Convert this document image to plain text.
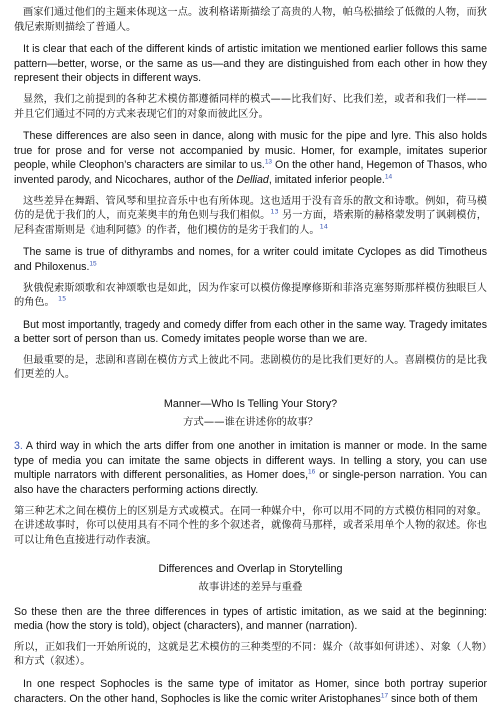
画家们通过他们的主题来体现这一点。波利格诺斯描绘了高贵的人物，帕乌松描绘了低微的人物，而狄俄尼索斯则描绘了普通人。

It is clear that each of the different kinds of artistic imitation we mentioned earlier follows this same pattern—better, worse, or the same as us—and they are distinguished from each other in how they represent their objects in different ways.

显然，我们之前提到的各种艺术模仿都遵循同样的模式——比我们好、比我们差，或者和我们一样——并且它们通过不同的方式来表现它们的对象而彼此区分。

These differences are also seen in dance, along with music for the pipe and lyre. This also holds true for prose and for verse not accompanied by music. Homer, for example, imitates superior people, while Cleophon’s characters are similar to us.$^{13}$ On the other hand, Hegemon of Thasos, who invented parody, and Nicochares, author of the Delliad, imitated inferior people.$^{14}$

这些差异在舞蹈、管风琴和里拉音乐中也有所体现。这也适用于没有音乐的散文和诗歌。例如，荷马模仿的是优于我们的人，而克莱奥丰的角色则与我们相似。$^{13}$ 另一方面，塔索斯的赫格蒙发明了讽刺模仿，尼科查雷斯则是《迪利阿德》的作者，他们模仿的是劣于我们的人。$^{14}$

The same is true of dithyrambs and nomes, for a writer could imitate Cyclopes as did Timotheus and Philoxenus.$^{15}$

狄俄倪索斯颂歌和农神颂歌也是如此，因为作家可以模仿像提摩修斯和菲洛克塞努斯那样模仿独眼巨人的角色。 $^{15}$

But most importantly, tragedy and comedy differ from each other in the same way. Tragedy imitates a better sort of person than us. Comedy imitates people worse than we are.

但最重要的是，悲剧和喜剧在模仿方式上彼此不同。悲剧模仿的是比我们更好的人。喜剧模仿的是比我们更差的人。

Manner—Who Is Telling Your Story?
方式——谁在讲述你的故事？

3. A third way in which the arts differ from one another in imitation is manner or mode. In the same type of media you can imitate the same objects in different ways. In telling a story, you can use multiple narrators with different personalities, as Homer does,$^{16}$ or single-person narration. You can also have the characters performing actions directly.

第三种艺术之间在模仿上的区别是方式或模式。在同一种媒介中，你可以用不同的方式模仿相同的对象。在讲述故事时，你可以使用具有不同个性的多个叙述者，就像荷马那样，或者采用单个人物的叙述。你也可以让角色直接进行动作表演。

Differences and Overlap in Storytelling
故事讲述的差异与重叠

So these then are the three differences in types of artistic imitation, as we said at the beginning: media (how the story is told), object (characters), and manner (narration).

所以，正如我们一开始所说的，这就是艺术模仿的三种类型的不同：媒介（故事如何讲述）、对象（人物）和方式（叙述）。

In one respect Sophocles is the same type of imitator as Homer, since both portray superior characters. On the other hand, Sophocles is like the comic writer Aristophanes$^{17}$ since both of them
